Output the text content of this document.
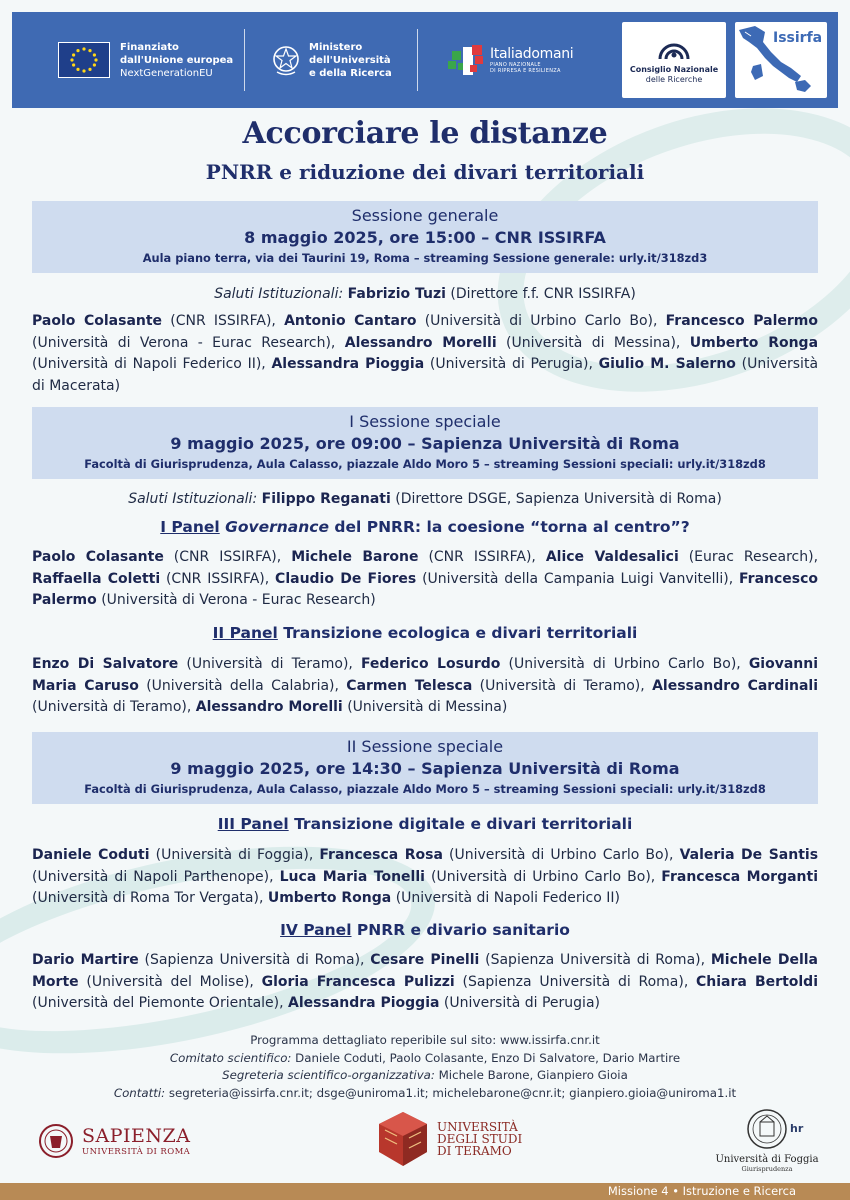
Finanziato
dall'Unione europea
NextGenerationEU
Ministero
dell'Università
e della Ricerca
Italiadomani
PIANO NAZIONALE
DI RIPRESA E RESILIENZA	Consiglio Nazionale
delle Ricerche
Issirfa
Accorciare le distanze
PNRR e riduzione dei divari territoriali
Sessione generale
8 maggio 2025, ore 15:00 – CNR ISSIRFA
Aula piano terra, via dei Taurini 19, Roma – streaming Sessione generale: urly.it/318zd3
Saluti Istituzionali: Fabrizio Tuzi (Direttore f.f. CNR ISSIRFA)
Paolo Colasante (CNR ISSIRFA), Antonio Cantaro (Università di Urbino Carlo Bo), Francesco Palermo (Università di Verona - Eurac Research), Alessandro Morelli (Università di Messina), Umberto Ronga (Università di Napoli Federico II), Alessandra Pioggia (Università di Perugia), Giulio M. Salerno (Università di Macerata)
I Sessione speciale
9 maggio 2025, ore 09:00 – Sapienza Università di Roma
Facoltà di Giurisprudenza, Aula Calasso, piazzale Aldo Moro 5 – streaming Sessioni speciali: urly.it/318zd8
Saluti Istituzionali: Filippo Reganati (Direttore DSGE, Sapienza Università di Roma)
I Panel Governance del PNRR: la coesione “torna al centro”?
Paolo Colasante (CNR ISSIRFA), Michele Barone (CNR ISSIRFA), Alice Valdesalici (Eurac Research), Raffaella Coletti (CNR ISSIRFA), Claudio De Fiores (Università della Campania Luigi Vanvitelli), Francesco Palermo (Università di Verona - Eurac Research)
II Panel Transizione ecologica e divari territoriali
Enzo Di Salvatore (Università di Teramo), Federico Losurdo (Università di Urbino Carlo Bo), Giovanni Maria Caruso (Università della Calabria), Carmen Telesca (Università di Teramo), Alessandro Cardinali (Università di Teramo), Alessandro Morelli (Università di Messina)
II Sessione speciale
9 maggio 2025, ore 14:30 – Sapienza Università di Roma
Facoltà di Giurisprudenza, Aula Calasso, piazzale Aldo Moro 5 – streaming Sessioni speciali: urly.it/318zd8
III Panel Transizione digitale e divari territoriali
Daniele Coduti (Università di Foggia), Francesca Rosa (Università di Urbino Carlo Bo), Valeria De Santis (Università di Napoli Parthenope), Luca Maria Tonelli (Università di Urbino Carlo Bo), Francesca Morganti (Università di Roma Tor Vergata), Umberto Ronga (Università di Napoli Federico II)
IV Panel PNRR e divario sanitario
Dario Martire (Sapienza Università di Roma), Cesare Pinelli (Sapienza Università di Roma), Michele Della Morte (Università del Molise), Gloria Francesca Pulizzi (Sapienza Università di Roma), Chiara Bertoldi (Università del Piemonte Orientale), Alessandra Pioggia (Università di Perugia)
Programma dettagliato reperibile sul sito: www.issirfa.cnr.it
Comitato scientifico: Daniele Coduti, Paolo Colasante, Enzo Di Salvatore, Dario Martire
Segreteria scientifico-organizzativa: Michele Barone, Gianpiero Gioia
Contatti: segreteria@issirfa.cnr.it; dsge@uniroma1.it; michelebarone@cnr.it; gianpiero.gioia@uniroma1.it
SAPIENZA
UNIVERSITÀ DI ROMA
UNIVERSITÀ
DEGLI STUDI
DI TERAMO
Università di Foggia
Giurisprudenza
hr
Missione 4 • Istruzione e Ricerca
